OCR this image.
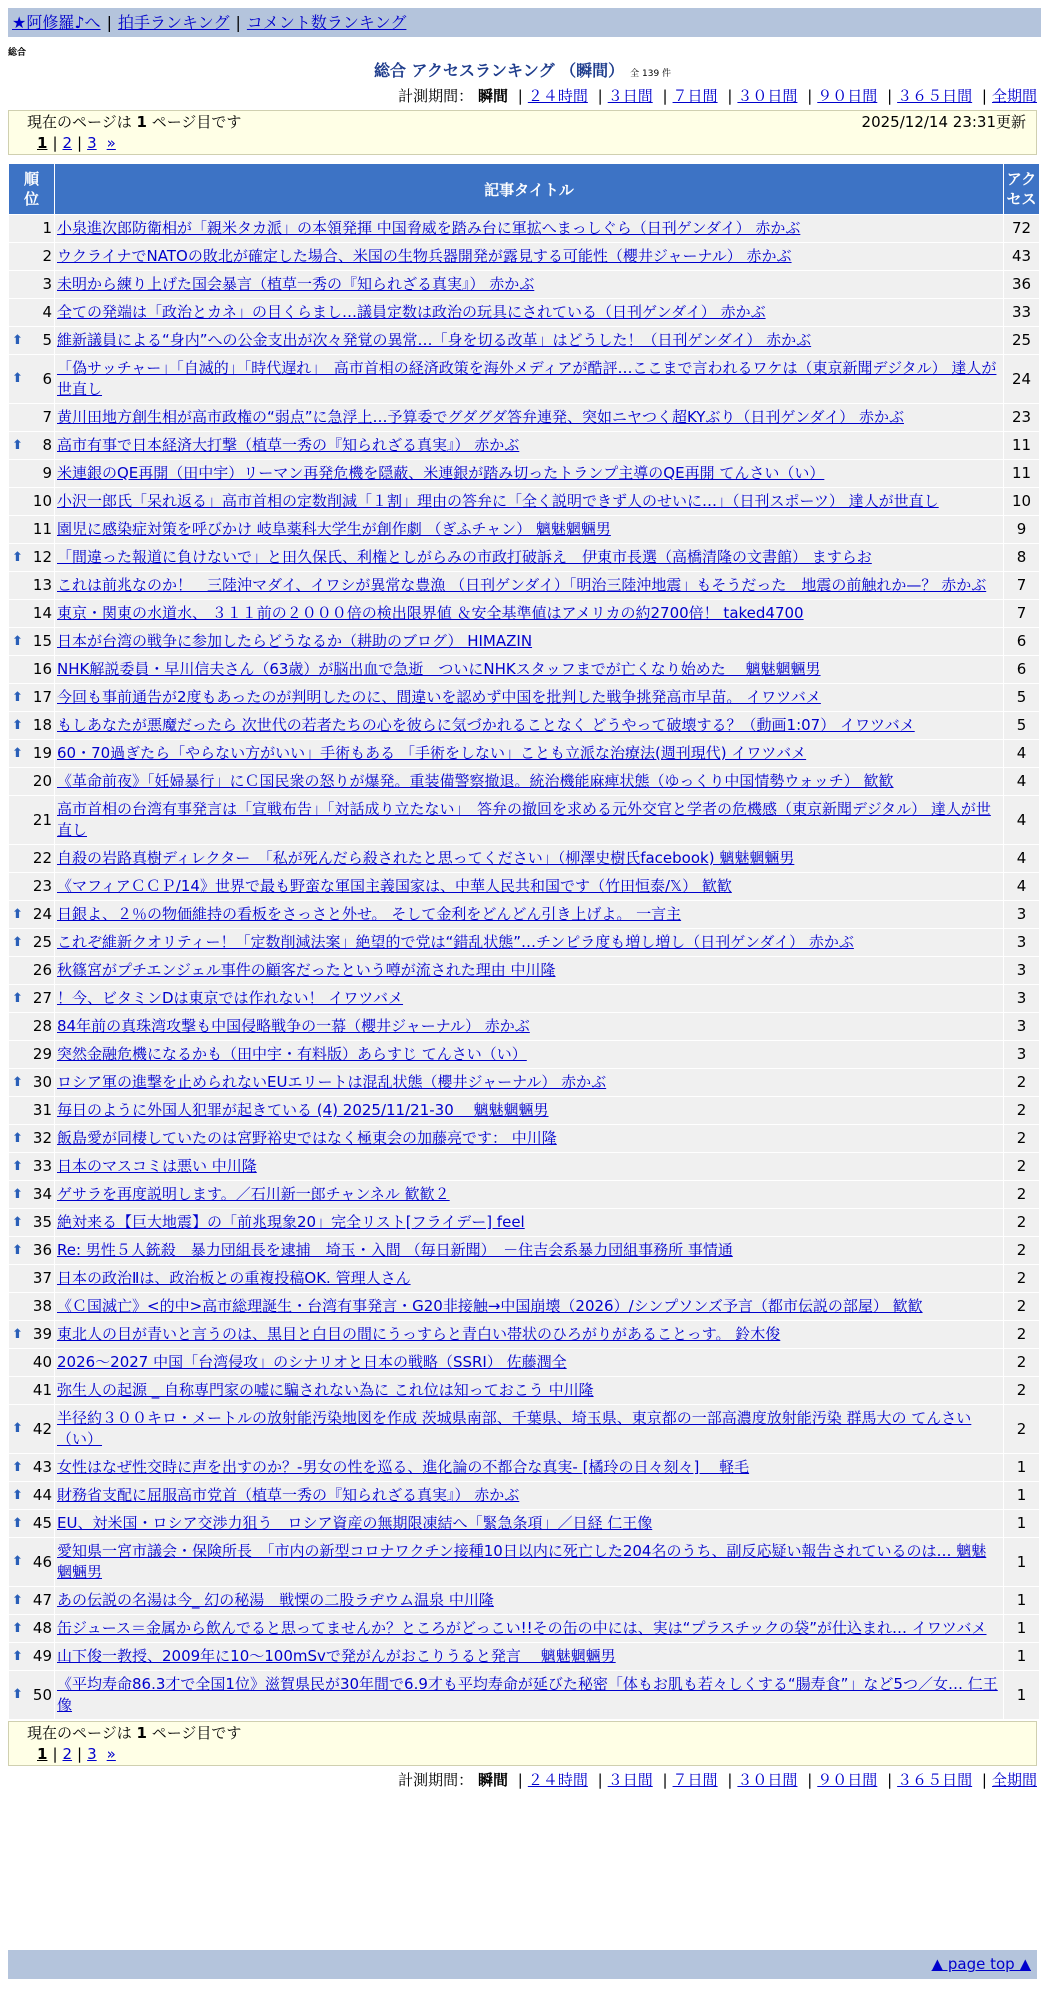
★阿修羅♪へ | 拍手ランキング | コメント数ランキング
総合
総合 アクセスランキング （瞬間） 全 139 件
計測期間： 瞬間 | ２４時間 | ３日間 | ７日間 | ３０日間 | ９０日間 | ３６５日間 | 全期間
現在のページは 1 ページ目です	2025/12/14 23:31更新
1 | 2 | 3 »
順位	記事タイトル	アクセス
1	小泉進次郎防衛相が「親米タカ派」の本領発揮 中国脅威を踏み台に軍拡へまっしぐら（日刊ゲンダイ） 赤かぶ	72
2	ウクライナでNATOの敗北が確定した場合、米国の生物兵器開発が露見する可能性（櫻井ジャーナル） 赤かぶ	43
3	未明から練り上げた国会暴言（植草一秀の『知られざる真実』） 赤かぶ	36
4	全ての発端は「政治とカネ」の目くらまし…議員定数は政治の玩具にされている（日刊ゲンダイ） 赤かぶ	33

⬆ 5	維新議員による“身内”への公金支出が次々発覚の異常…「身を切る改革」はどうした！（日刊ゲンダイ） 赤かぶ	25

⬆ 6	「偽サッチャー」「自滅的」「時代遅れ」　高市首相の経済政策を海外メディアが酷評…ここまで言われるワケは（東京新聞デジタル） 達人が世直し	24
7	黄川田地方創生相が高市政権の“弱点”に急浮上…予算委でグダグダ答弁連発、突如ニヤつく超KYぶり（日刊ゲンダイ） 赤かぶ	23

⬆ 8	高市有事で日本経済大打撃（植草一秀の『知られざる真実』） 赤かぶ	11
9	米連銀のQE再開（田中宇）リーマン再発危機を隠蔽、米連銀が踏み切ったトランプ主導のQE再開 てんさい（い）	11
10	小沢一郎氏「呆れ返る」高市首相の定数削減「１割」理由の答弁に「全く説明できず人のせいに…」（日刊スポーツ） 達人が世直し	10
11	園児に感染症対策を呼びかけ 岐阜薬科大学生が創作劇 （ぎふチャン） 魑魅魍魎男	9

⬆ 12	「間違った報道に負けないで」と田久保氏、利権としがらみの市政打破訴え　伊東市長選（高橋清隆の文書館） ますらお	8
13	これは前兆なのか！　三陸沖マダイ、イワシが異常な豊漁 （日刊ゲンダイ）「明治三陸沖地震」もそうだった　地震の前触れか—？ 赤かぶ	7
14	東京・関東の水道水、 ３１１前の２０００倍の検出限界値 ＆安全基準値はアメリカの約2700倍！ taked4700	7

⬆ 15	日本が台湾の戦争に参加したらどうなるか（耕助のブログ） HIMAZIN	6
16	NHK解説委員・早川信夫さん（63歳）が脳出血で急逝　ついにNHKスタッフまでが亡くなり始めた　 魑魅魍魎男	6

⬆ 17	今回も事前通告が2度もあったのが判明したのに、間違いを認めず中国を批判した戦争挑発高市早苗。 イワツバメ	5

⬆ 18	もしあなたが悪魔だったら 次世代の若者たちの心を彼らに気づかれることなく どうやって破壊する？（動画1:07） イワツバメ	5

⬆ 19	60・70過ぎたら「やらない方がいい」手術もある 「手術をしない」ことも立派な治療法(週刊現代) イワツバメ	4
20	《革命前夜》「妊婦暴行」にＣ国民衆の怒りが爆発。重装備警察撤退。統治機能麻痺状態（ゆっくり中国情勢ウォッチ） 歓歓	4
21	高市首相の台湾有事発言は「宣戦布告」「対話成り立たない」　答弁の撤回を求める元外交官と学者の危機感（東京新聞デジタル） 達人が世直し	4
22	自殺の岩路真樹ディレクター　「私が死んだら殺されたと思ってください」（柳澤史樹氏facebook) 魑魅魍魎男	4
23	《マフィアＣＣＰ/14》世界で最も野蛮な軍国主義国家は、中華人民共和国です（竹田恒泰/𝕏） 歓歓	4

⬆ 24	日銀よ、２％の物価維持の看板をさっさと外せ。 そして金利をどんどん引き上げよ。 一言主	3

⬆ 25	これぞ維新クオリティー！「定数削減法案」絶望的で党は“錯乱状態”…チンピラ度も増し増し（日刊ゲンダイ） 赤かぶ	3
26	秋篠宮がプチエンジェル事件の顧客だったという噂が流された理由 中川隆	3

⬆ 27	！今、ビタミンDは東京では作れない！ イワツバメ	3
28	84年前の真珠湾攻撃も中国侵略戦争の一幕（櫻井ジャーナル） 赤かぶ	3
29	突然金融危機になるかも（田中宇・有料版）あらすじ てんさい（い）	3

⬆ 30	ロシア軍の進撃を止められないEUエリートは混乱状態（櫻井ジャーナル） 赤かぶ	2
31	毎日のように外国人犯罪が起きている (4) 2025/11/21-30　 魑魅魍魎男	2

⬆ 32	飯島愛が同棲していたのは宮野裕史ではなく極東会の加藤亮です： 中川隆	2

⬆ 33	日本のマスコミは悪い 中川隆	2

⬆ 34	ゲサラを再度説明します。／石川新一郎チャンネル 歓歓２	2

⬆ 35	絶対来る【巨大地震】の「前兆現象20」完全リスト[フライデー] feel	2

⬆ 36	Re: 男性５人銃殺　暴力団組長を逮捕　埼玉・入間 （毎日新聞）　－住吉会系暴力団組事務所 事情通	2
37	日本の政治Ⅱは、政治板との重複投稿OK. 管理人さん	2
38	《Ｃ国滅亡》<的中>高市総理誕生・台湾有事発言・G20非接触→中国崩壊（2026）/シンプソンズ予言（都市伝説の部屋） 歓歓	2

⬆ 39	東北人の目が青いと言うのは、黒目と白目の間にうっすらと青白い帯状のひろがりがあることっす。 鈴木俊	2
40	2026～2027 中国「台湾侵攻」のシナリオと日本の戦略（SSRI） 佐藤潤全	2
41	弥生人の起源 _ 自称専門家の嘘に騙されない為に これ位は知っておこう 中川隆	2

⬆ 42	半径約３００キロ・メートルの放射能汚染地図を作成 茨城県南部、千葉県、埼玉県、東京都の一部高濃度放射能汚染 群馬大の てんさい（い）	2

⬆ 43	女性はなぜ性交時に声を出すのか？-男女の性を巡る、進化論の不都合な真実- [橘玲の日々刻々]　 軽毛	1

⬆ 44	財務省支配に屈服高市党首（植草一秀の『知られざる真実』） 赤かぶ	1

⬆ 45	EU、対米国・ロシア交渉力狙う　ロシア資産の無期限凍結へ「緊急条項」／日経 仁王像	1

⬆ 46	愛知県一宮市議会・保険所長　「市内の新型コロナワクチン接種10日以内に死亡した204名のうち、副反応疑い報告されているのは… 魑魅魍魎男	1

⬆ 47	あの伝説の名湯は今_ 幻の秘湯　戦慄の二股ラヂウム温泉 中川隆	1

⬆ 48	缶ジュース＝金属から飲んでると思ってませんか？ところがどっこい!!その缶の中には、実は“プラスチックの袋”が仕込まれ… イワツバメ	1

⬆ 49	山下俊一教授、2009年に10～100mSvで発がんがおこりうると発言　 魑魅魍魎男	1

⬆ 50	《平均寿命86.3才で全国1位》滋賀県民が30年間で6.9才も平均寿命が延びた秘密「体もお肌も若々しくする“腸寿食”」など5つ／女… 仁王像	1
現在のページは 1 ページ目です
1 | 2 | 3 »
計測期間： 瞬間 | ２４時間 | ３日間 | ７日間 | ３０日間 | ９０日間 | ３６５日間 | 全期間
▲ page top ▲
